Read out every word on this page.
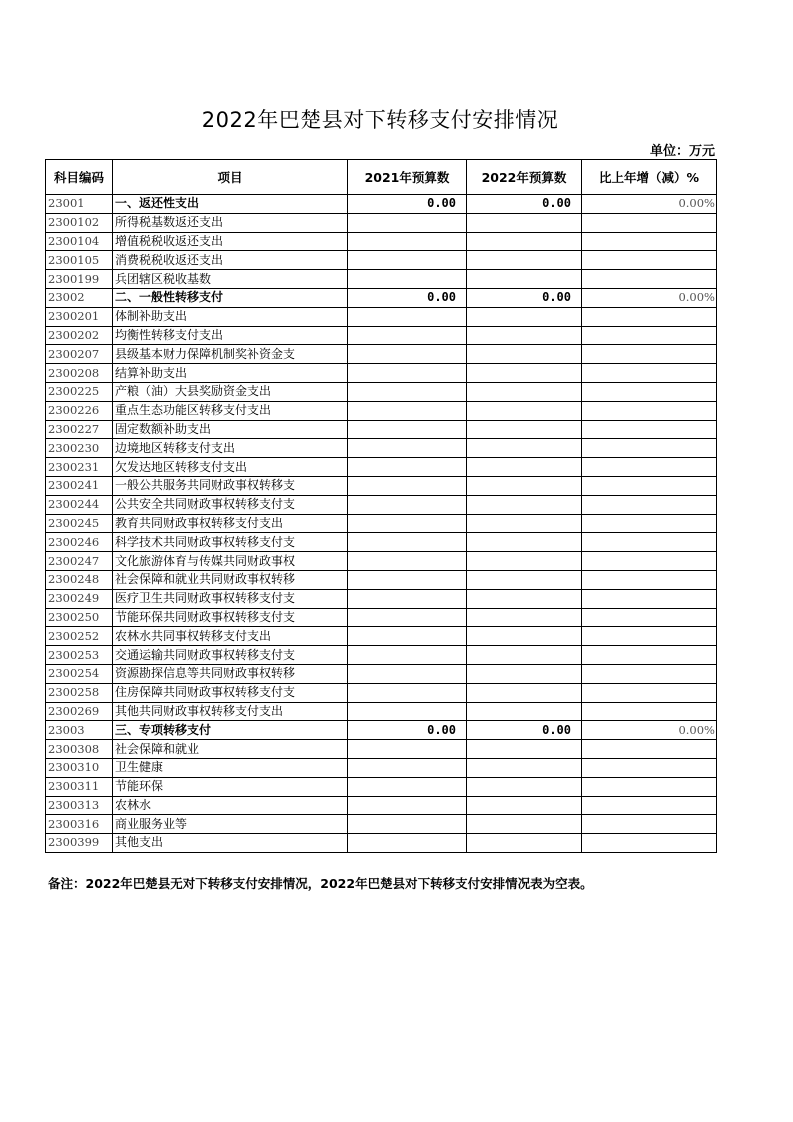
2022年巴楚县对下转移支付安排情况
单位：万元
科目编码	项目	2021年预算数	2022年预算数	比上年增（减）%
23001	一、返还性支出	0.00	0.00	0.00%
2300102	所得税基数返还支出			
2300104	增值税税收返还支出			
2300105	消费税税收返还支出			
2300199	兵团辖区税收基数			
23002	二、一般性转移支付	0.00	0.00	0.00%
2300201	体制补助支出			
2300202	均衡性转移支付支出			
2300207	县级基本财力保障机制奖补资金支			
2300208	结算补助支出			
2300225	产粮（油）大县奖励资金支出			
2300226	重点生态功能区转移支付支出			
2300227	固定数额补助支出			
2300230	边境地区转移支付支出			
2300231	欠发达地区转移支付支出			
2300241	一般公共服务共同财政事权转移支			
2300244	公共安全共同财政事权转移支付支			
2300245	教育共同财政事权转移支付支出			
2300246	科学技术共同财政事权转移支付支			
2300247	文化旅游体育与传媒共同财政事权			
2300248	社会保障和就业共同财政事权转移			
2300249	医疗卫生共同财政事权转移支付支			
2300250	节能环保共同财政事权转移支付支			
2300252	农林水共同事权转移支付支出			
2300253	交通运输共同财政事权转移支付支			
2300254	资源勘探信息等共同财政事权转移			
2300258	住房保障共同财政事权转移支付支			
2300269	其他共同财政事权转移支付支出			
23003	三、专项转移支付	0.00	0.00	0.00%
2300308	社会保障和就业			
2300310	卫生健康			
2300311	节能环保			
2300313	农林水			
2300316	商业服务业等			
2300399	其他支出			
备注：2022年巴楚县无对下转移支付安排情况，2022年巴楚县对下转移支付安排情况表为空表。
